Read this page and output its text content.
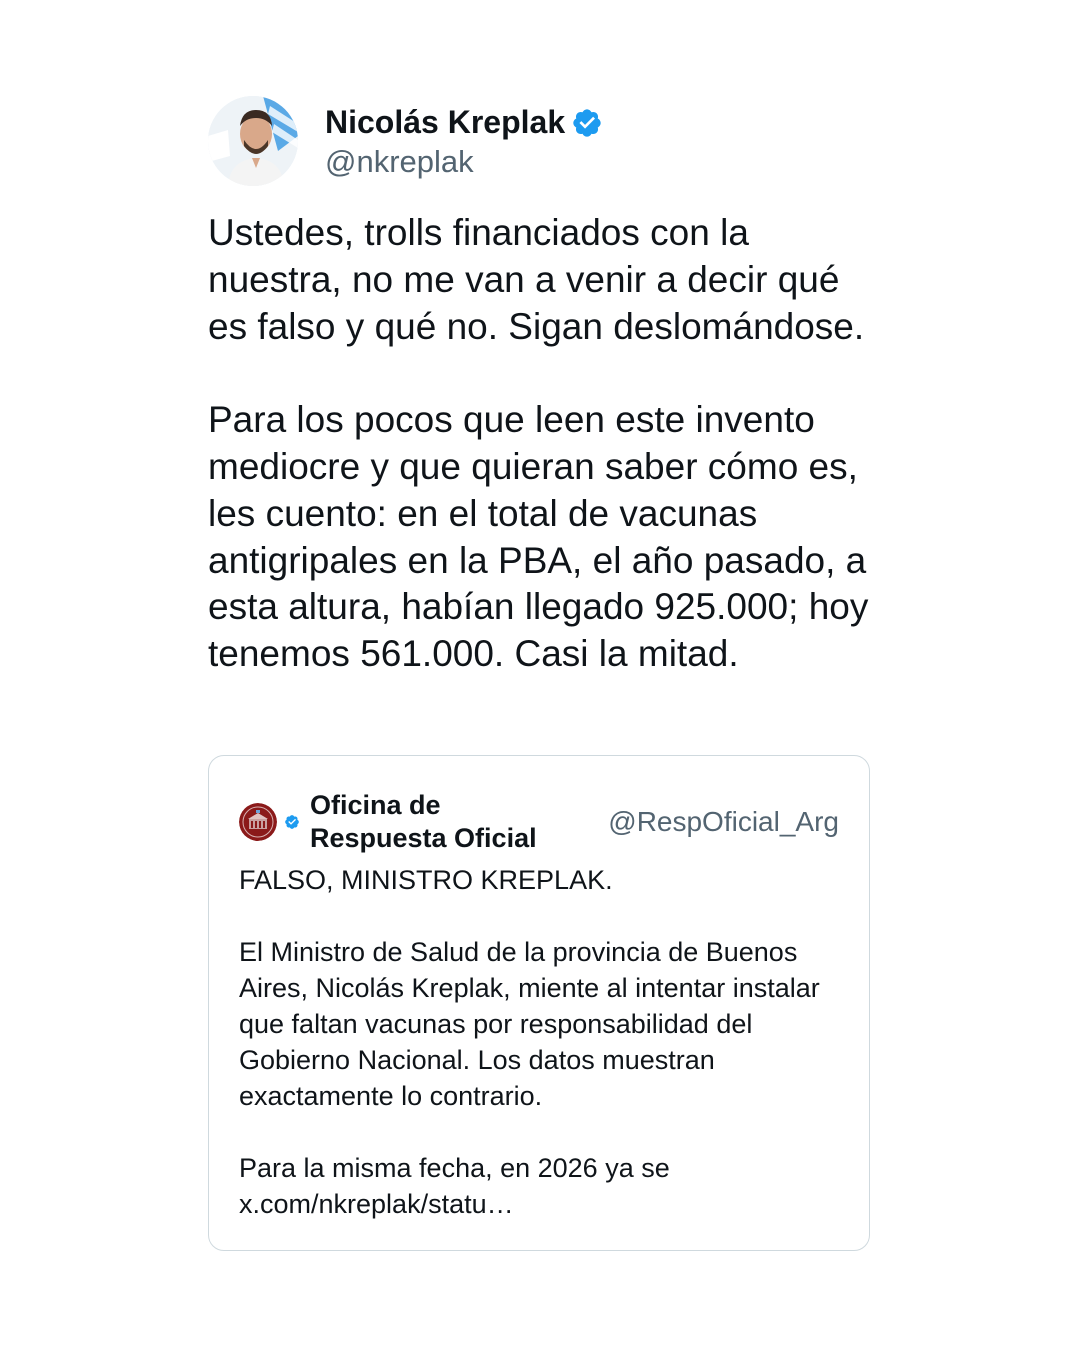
Nicolás Kreplak
@nkreplak
Ustedes, trolls financiados con la nuestra, no me van a venir a decir qué es falso y qué no. Sigan deslomándose.

Para los pocos que leen este invento mediocre y que quieran saber cómo es, les cuento: en el total de vacunas antigripales en la PBA, el año pasado, a esta altura, habían llegado 925.000; hoy tenemos 561.000. Casi la mitad.
Oficina de Respuesta Oficial
@RespOficial_Arg
FALSO, MINISTRO KREPLAK.

El Ministro de Salud de la provincia de Buenos Aires, Nicolás Kreplak, miente al intentar instalar que faltan vacunas por responsabilidad del Gobierno Nacional. Los datos muestran exactamente lo contrario.

Para la misma fecha, en 2026 ya se
x.com/nkreplak/statu…
